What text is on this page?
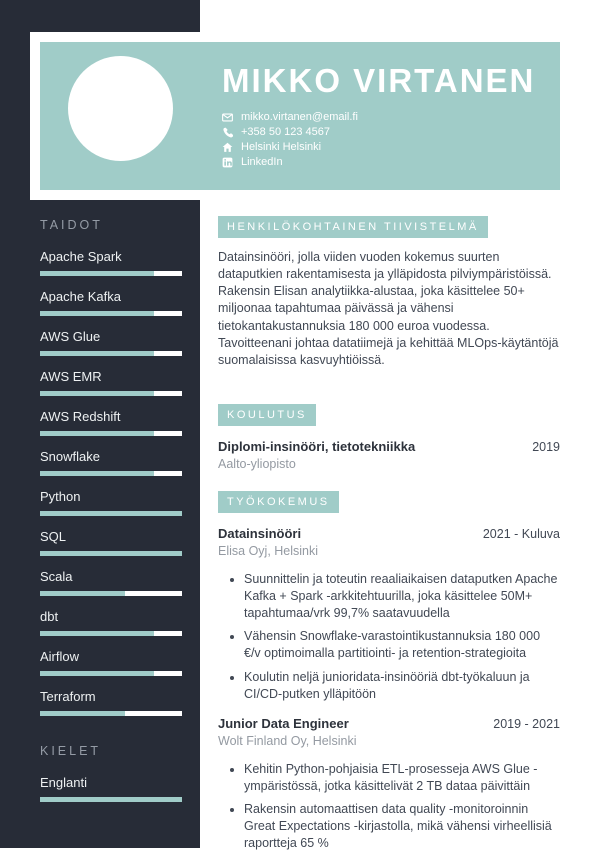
TAIDOT
Apache Spark
Apache Kafka
AWS Glue
AWS EMR
AWS Redshift
Snowflake
Python
SQL
Scala
dbt
Airflow
Terraform
KIELET
Englanti
MIKKO VIRTANEN
mikko.virtanen@email.fi
+358 50 123 4567
Helsinki Helsinki
LinkedIn
HENKILÖKOHTAINEN TIIVISTELMÄ

Datainsinööri, jolla viiden vuoden kokemus suurten dataputkien rakentamisesta ja ylläpidosta pilviympäristöissä. Rakensin Elisan analytiikka-alustaa, joka käsittelee 50+ miljoonaa tapahtumaa päivässä ja vähensi tietokantakustannuksia 180 000 euroa vuodessa. Tavoitteenani johtaa datatiimejä ja kehittää MLOps-käytäntöjä suomalaisissa kasvuyhtiöissä.

KOULUTUS
Diplomi-insinööri, tietotekniikka	2019
Aalto-yliopisto
TYÖKOKEMUS
Datainsinööri	2021 - Kuluva
Elisa Oyj, Helsinki
• Suunnittelin ja toteutin reaaliaikaisen dataputken Apache Kafka + Spark -arkkitehtuurilla, joka käsittelee 50M+ tapahtumaa/vrk 99,7% saatavuudella
• Vähensin Snowflake-varastointikustannuksia 180 000 €/v optimoimalla partitiointi- ja retention-strategioita
• Koulutin neljä junioridata-insinööriä dbt-työkaluun ja CI/CD-putken ylläpitöön
Junior Data Engineer	2019 - 2021
Wolt Finland Oy, Helsinki
• Kehitin Python-pohjaisia ETL-prosesseja AWS Glue -ympäristössä, jotka käsittelivät 2 TB dataa päivittäin
• Rakensin automaattisen data quality -monitoroinnin Great Expectations -kirjastolla, mikä vähensi virheellisiä raportteja 65 %
